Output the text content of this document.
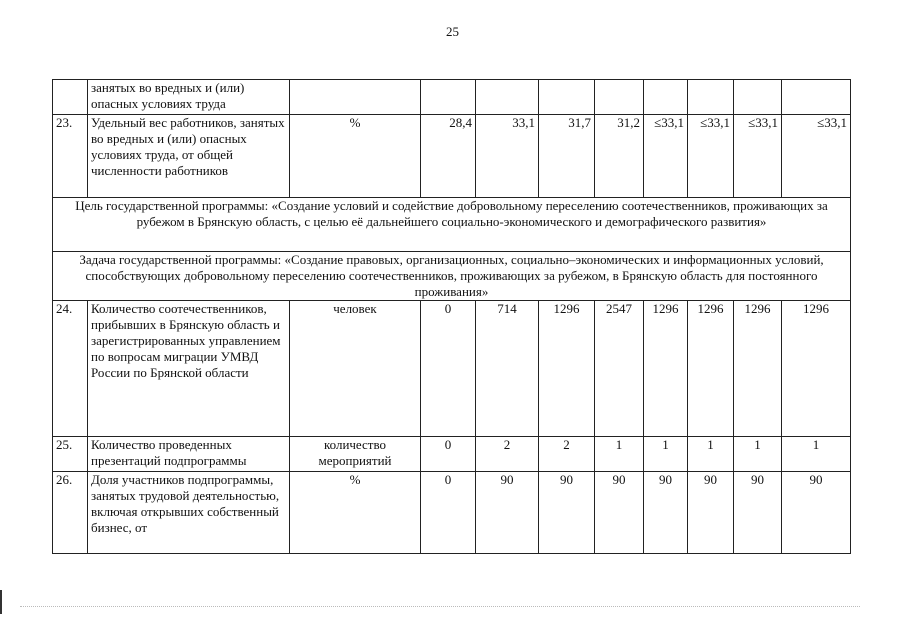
25
	занятых во вредных и (или) опасных условиях труда									
23.	Удельный вес работников, занятых во вредных и (или) опасных условиях труда, от общей численности работников	%	28,4	33,1	31,7	31,2	≤33,1	≤33,1	≤33,1	≤33,1
Цель государственной программы: «Создание условий и содействие добровольному переселению соотечественников, проживающих за рубежом в Брянскую область, с целью её дальнейшего социально-экономического и демографического развития»										
Задача государственной программы: «Создание правовых, организационных, социально–экономических и информационных условий, способствующих добровольному переселению соотечественников, проживающих за рубежом, в Брянскую область для постоянного проживания»										
24.	Количество соотечественников, прибывших в Брянскую область и зарегистрированных управлением по вопросам миграции УМВД России по Брянской области	человек	0	714	1296	2547	1296	1296	1296	1296
25.	Количество проведенных презентаций подпрограммы	количество мероприятий	0	2	2	1	1	1	1	1
26.	Доля участников подпрограммы, занятых трудовой деятельностью, включая открывших собственный бизнес, от	%	0	90	90	90	90	90	90	90
